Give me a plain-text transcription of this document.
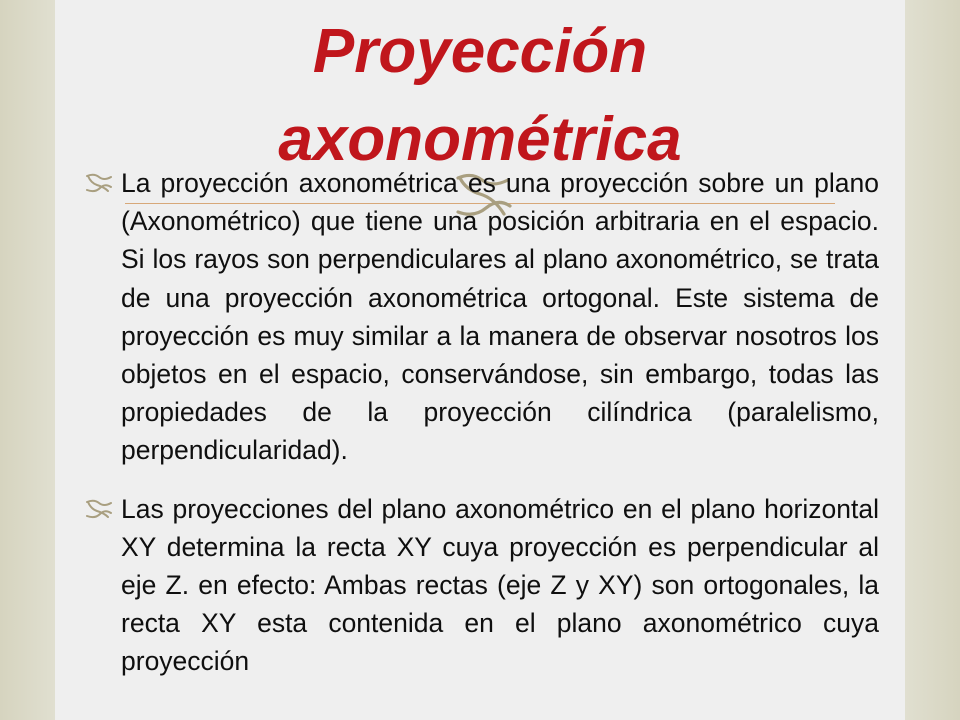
Proyección axonométrica

La proyección axonométrica es una proyección sobre un plano (Axonométrico) que tiene una posición arbitraria en el espacio. Si los rayos son perpendiculares al plano axonométrico, se trata de una proyección axonométrica ortogonal. Este sistema de proyección es muy similar a la manera de observar nosotros los objetos en el espacio, conservándose, sin embargo, todas las propiedades de la proyección cilíndrica (paralelismo, perpendicularidad).

Las proyecciones del plano axonométrico en el plano horizontal XY determina la recta XY cuya proyección es perpendicular al eje Z. en efecto: Ambas rectas (eje Z y XY) son ortogonales, la recta XY esta contenida en el plano axonométrico cuya proyección
